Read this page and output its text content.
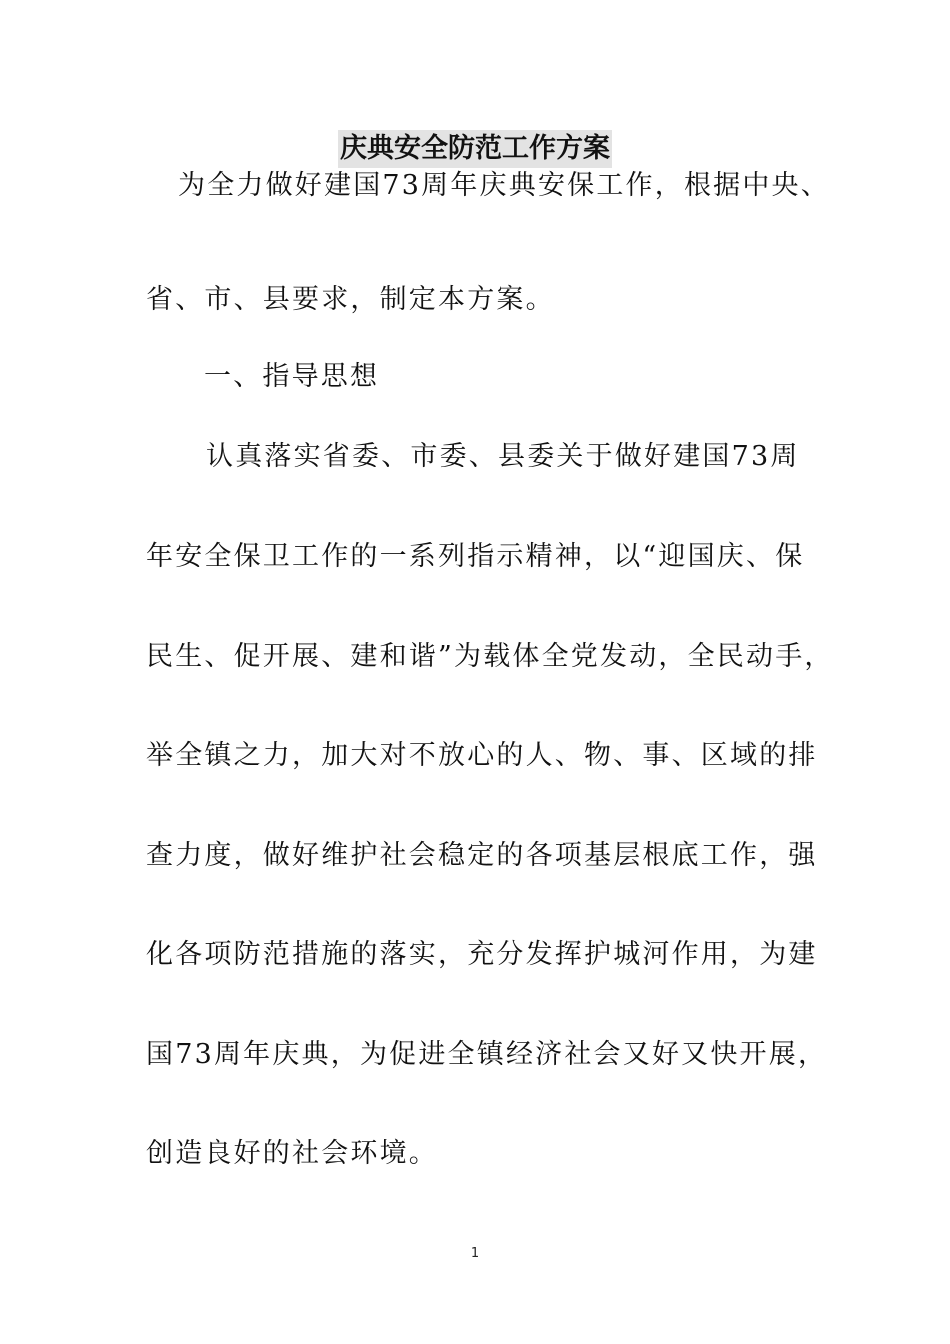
庆典安全防范工作方案
为全力做好建国73周年庆典安保工作，根据中央、
省、市、县要求，制定本方案。
一、指导思想
认真落实省委、市委、县委关于做好建国73周
年安全保卫工作的一系列指示精神，以“迎国庆、保
民生、促开展、建和谐”为载体全党发动，全民动手，
举全镇之力，加大对不放心的人、物、事、区域的排
查力度，做好维护社会稳定的各项基层根底工作，强
化各项防范措施的落实，充分发挥护城河作用，为建
国73周年庆典，为促进全镇经济社会又好又快开展，
创造良好的社会环境。
1
